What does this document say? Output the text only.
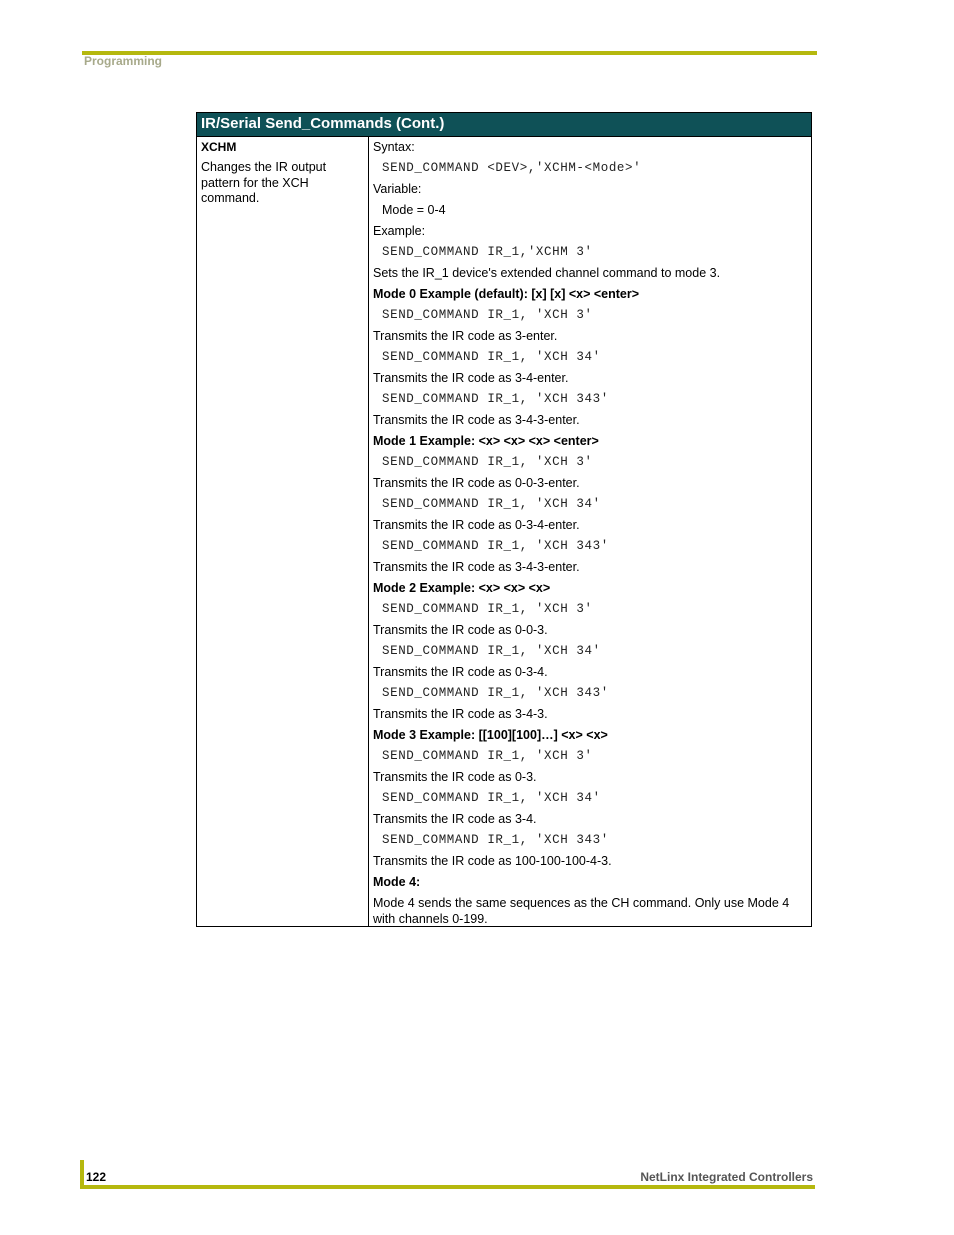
Programming
IR/Serial Send_Commands (Cont.)
XCHM
Changes the IR output pattern for the XCH command.
Syntax:
SEND_COMMAND <DEV>,'XCHM-<Mode>'
Variable:
Mode = 0-4
Example:
SEND_COMMAND IR_1,'XCHM 3'
Sets the IR_1 device's extended channel command to mode 3.
Mode 0 Example (default): [x] [x] <x> <enter>
SEND_COMMAND IR_1, 'XCH 3'
Transmits the IR code as 3-enter.
SEND_COMMAND IR_1, 'XCH 34'
Transmits the IR code as 3-4-enter.
SEND_COMMAND IR_1, 'XCH 343'
Transmits the IR code as 3-4-3-enter.
Mode 1 Example: <x> <x> <x> <enter>
SEND_COMMAND IR_1, 'XCH 3'
Transmits the IR code as 0-0-3-enter.
SEND_COMMAND IR_1, 'XCH 34'
Transmits the IR code as 0-3-4-enter.
SEND_COMMAND IR_1, 'XCH 343'
Transmits the IR code as 3-4-3-enter.
Mode 2 Example: <x> <x> <x>
SEND_COMMAND IR_1, 'XCH 3'
Transmits the IR code as 0-0-3.
SEND_COMMAND IR_1, 'XCH 34'
Transmits the IR code as 0-3-4.
SEND_COMMAND IR_1, 'XCH 343'
Transmits the IR code as 3-4-3.
Mode 3 Example: [[100][100]…] <x> <x>
SEND_COMMAND IR_1, 'XCH 3'
Transmits the IR code as 0-3.
SEND_COMMAND IR_1, 'XCH 34'
Transmits the IR code as 3-4.
SEND_COMMAND IR_1, 'XCH 343'
Transmits the IR code as 100-100-100-4-3.
Mode 4:
Mode 4 sends the same sequences as the CH command. Only use Mode 4 with channels 0-199.
122	NetLinx Integrated Controllers
